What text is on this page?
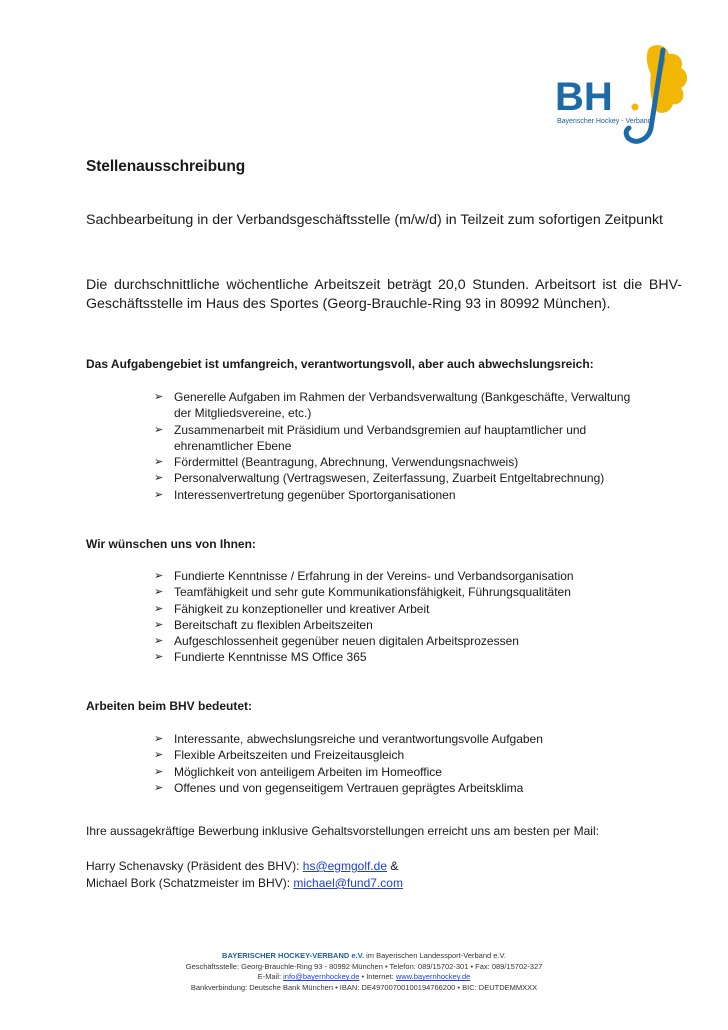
BH
Bayerischer Hockey - Verband
Stellenausschreibung
Sachbearbeitung in der Verbandsgeschäftsstelle (m/w/d) in Teilzeit zum sofortigen Zeitpunkt
Die durchschnittliche wöchentliche Arbeitszeit beträgt 20,0 Stunden. Arbeitsort ist die BHV-Geschäftsstelle im Haus des Sportes (Georg-Brauchle-Ring 93 in 80992 München).
Das Aufgabengebiet ist umfangreich, verantwortungsvoll, aber auch abwechslungsreich:
➢ Generelle Aufgaben im Rahmen der Verbandsverwaltung (Bankgeschäfte, Verwaltung der Mitgliedsvereine, etc.)
➢ Zusammenarbeit mit Präsidium und Verbandsgremien auf hauptamtlicher und ehrenamtlicher Ebene
➢ Fördermittel (Beantragung, Abrechnung, Verwendungsnachweis)
➢ Personalverwaltung (Vertragswesen, Zeiterfassung, Zuarbeit Entgeltabrechnung)
➢ Interessenvertretung gegenüber Sportorganisationen
Wir wünschen uns von Ihnen:
➢ Fundierte Kenntnisse / Erfahrung in der Vereins- und Verbandsorganisation
➢ Teamfähigkeit und sehr gute Kommunikationsfähigkeit, Führungsqualitäten
➢ Fähigkeit zu konzeptioneller und kreativer Arbeit
➢ Bereitschaft zu flexiblen Arbeitszeiten
➢ Aufgeschlossenheit gegenüber neuen digitalen Arbeitsprozessen
➢ Fundierte Kenntnisse MS Office 365
Arbeiten beim BHV bedeutet:
➢ Interessante, abwechslungsreiche und verantwortungsvolle Aufgaben
➢ Flexible Arbeitszeiten und Freizeitausgleich
➢ Möglichkeit von anteiligem Arbeiten im Homeoffice
➢ Offenes und von gegenseitigem Vertrauen geprägtes Arbeitsklima
Ihre aussagekräftige Bewerbung inklusive Gehaltsvorstellungen erreicht uns am besten per Mail:
Harry Schenavsky (Präsident des BHV): hs@egmgolf.de &
Michael Bork (Schatzmeister im BHV): michael@fund7.com
BAYERISCHER HOCKEY-VERBAND e.V. im Bayerischen Landessport-Verband e.V.
Geschäftsstelle: Georg-Brauchle-Ring 93 - 80992 München • Telefon: 089/15702-301 • Fax: 089/15702-327
E-Mail: info@bayernhockey.de • Internet: www.bayernhockey.de
Bankverbindung: Deutsche Bank München • IBAN: DE49700700100194766200 • BIC: DEUTDEMMXXX
